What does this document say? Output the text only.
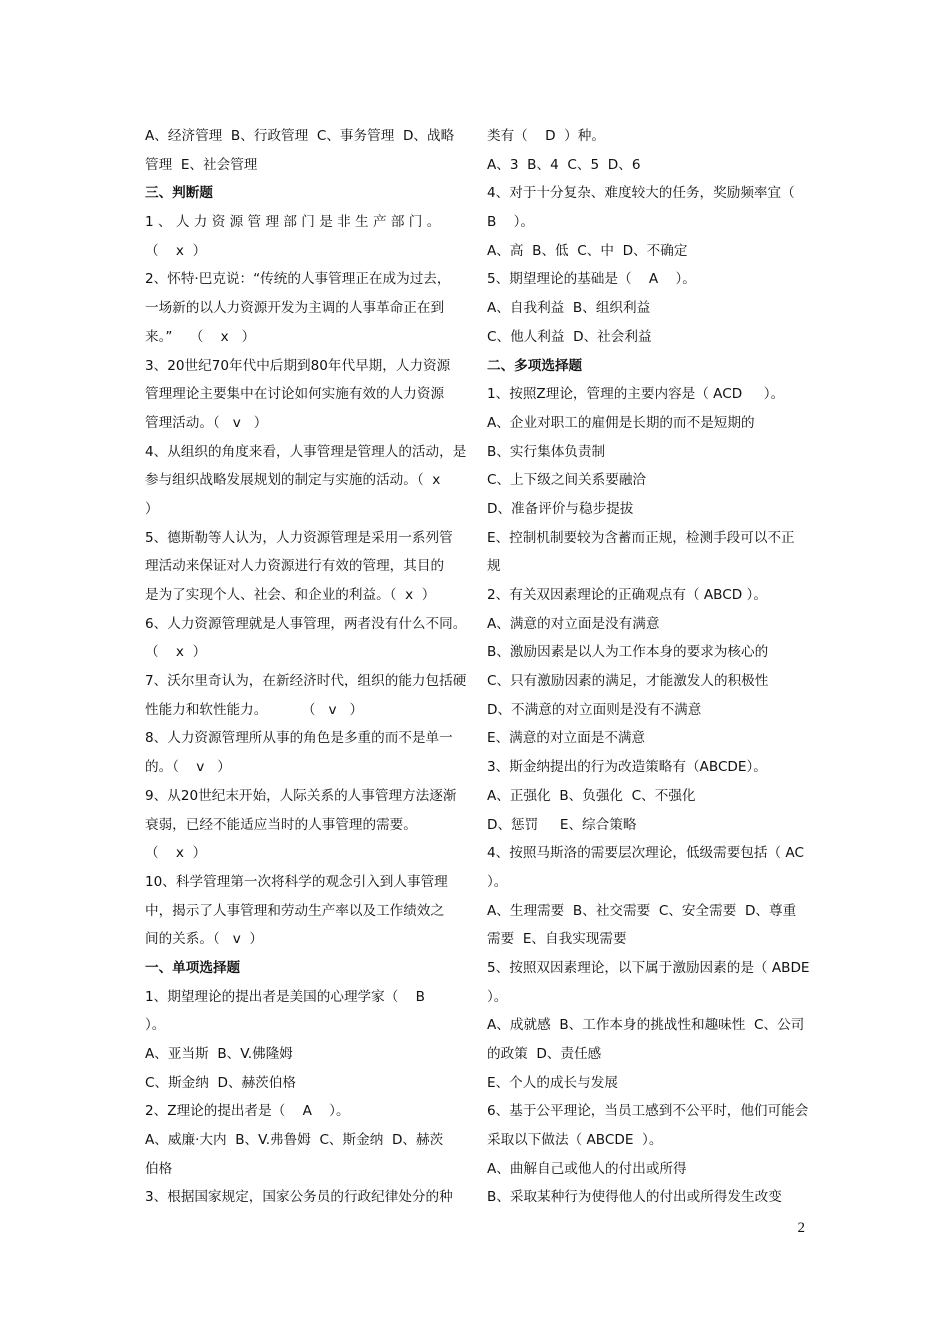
A、经济管理  B、行政管理  C、事务管理  D、战略
管理  E、社会管理
三、判断题
1 、 人 力 资 源 管 理 部 门 是 非 生 产 部 门 。
（    x  ）
2、怀特·巴克说：“传统的人事管理正在成为过去，
一场新的以人力资源开发为主调的人事革命正在到
来。”    （    x   ）
3、20世纪70年代中后期到80年代早期，人力资源
管理理论主要集中在讨论如何实施有效的人力资源
管理活动。（   v   ）
4、从组织的角度来看，人事管理是管理人的活动，是
参与组织战略发展规划的制定与实施的活动。（  x
）
5、德斯勒等人认为，人力资源管理是采用一系列管
理活动来保证对人力资源进行有效的管理，其目的
是为了实现个人、社会、和企业的利益。（  x  ）
6、人力资源管理就是人事管理，两者没有什么不同。
（    x  ）
7、沃尔里奇认为，在新经济时代，组织的能力包括硬
性能力和软性能力。        （   v   ）
8、人力资源管理所从事的角色是多重的而不是单一
的。（    v   ）
9、从20世纪末开始，人际关系的人事管理方法逐渐
衰弱，已经不能适应当时的人事管理的需要。
（    x  ）
10、科学管理第一次将科学的观念引入到人事管理
中，揭示了人事管理和劳动生产率以及工作绩效之
间的关系。（   v  ）
一、单项选择题
1、期望理论的提出者是美国的心理学家（    B
）。
A、亚当斯  B、V.佛隆姆
C、斯金纳  D、赫茨伯格
2、Z理论的提出者是（    A    ）。
A、威廉·大内  B、V.弗鲁姆  C、斯金纳  D、赫茨
伯格
3、根据国家规定，国家公务员的行政纪律处分的种
类有（    D  ）种。
A、3  B、4  C、5  D、6
4、对于十分复杂、难度较大的任务，奖励频率宜（
B    ）。
A、高  B、低  C、中  D、不确定
5、期望理论的基础是（    A    ）。
A、自我利益  B、组织利益
C、他人利益  D、社会利益
二、多项选择题
1、按照Z理论，管理的主要内容是（ ACD     ）。
A、企业对职工的雇佣是长期的而不是短期的
B、实行集体负责制
C、上下级之间关系要融洽
D、准备评价与稳步提拔
E、控制机制要较为含蓄而正规，检测手段可以不正
规
2、有关双因素理论的正确观点有（ ABCD ）。
A、满意的对立面是没有满意
B、激励因素是以人为工作本身的要求为核心的
C、只有激励因素的满足，才能激发人的积极性
D、不满意的对立面则是没有不满意
E、满意的对立面是不满意
3、斯金纳提出的行为改造策略有（ABCDE）。
A、正强化  B、负强化  C、不强化
D、惩罚     E、综合策略
4、按照马斯洛的需要层次理论，低级需要包括（ AC
）。
A、生理需要  B、社交需要  C、安全需要  D、尊重
需要  E、自我实现需要
5、按照双因素理论，以下属于激励因素的是（ ABDE
）。
A、成就感  B、工作本身的挑战性和趣味性  C、公司
的政策  D、责任感
E、个人的成长与发展
6、基于公平理论，当员工感到不公平时，他们可能会
采取以下做法（ ABCDE  ）。
A、曲解自己或他人的付出或所得
B、采取某种行为使得他人的付出或所得发生改变
2
